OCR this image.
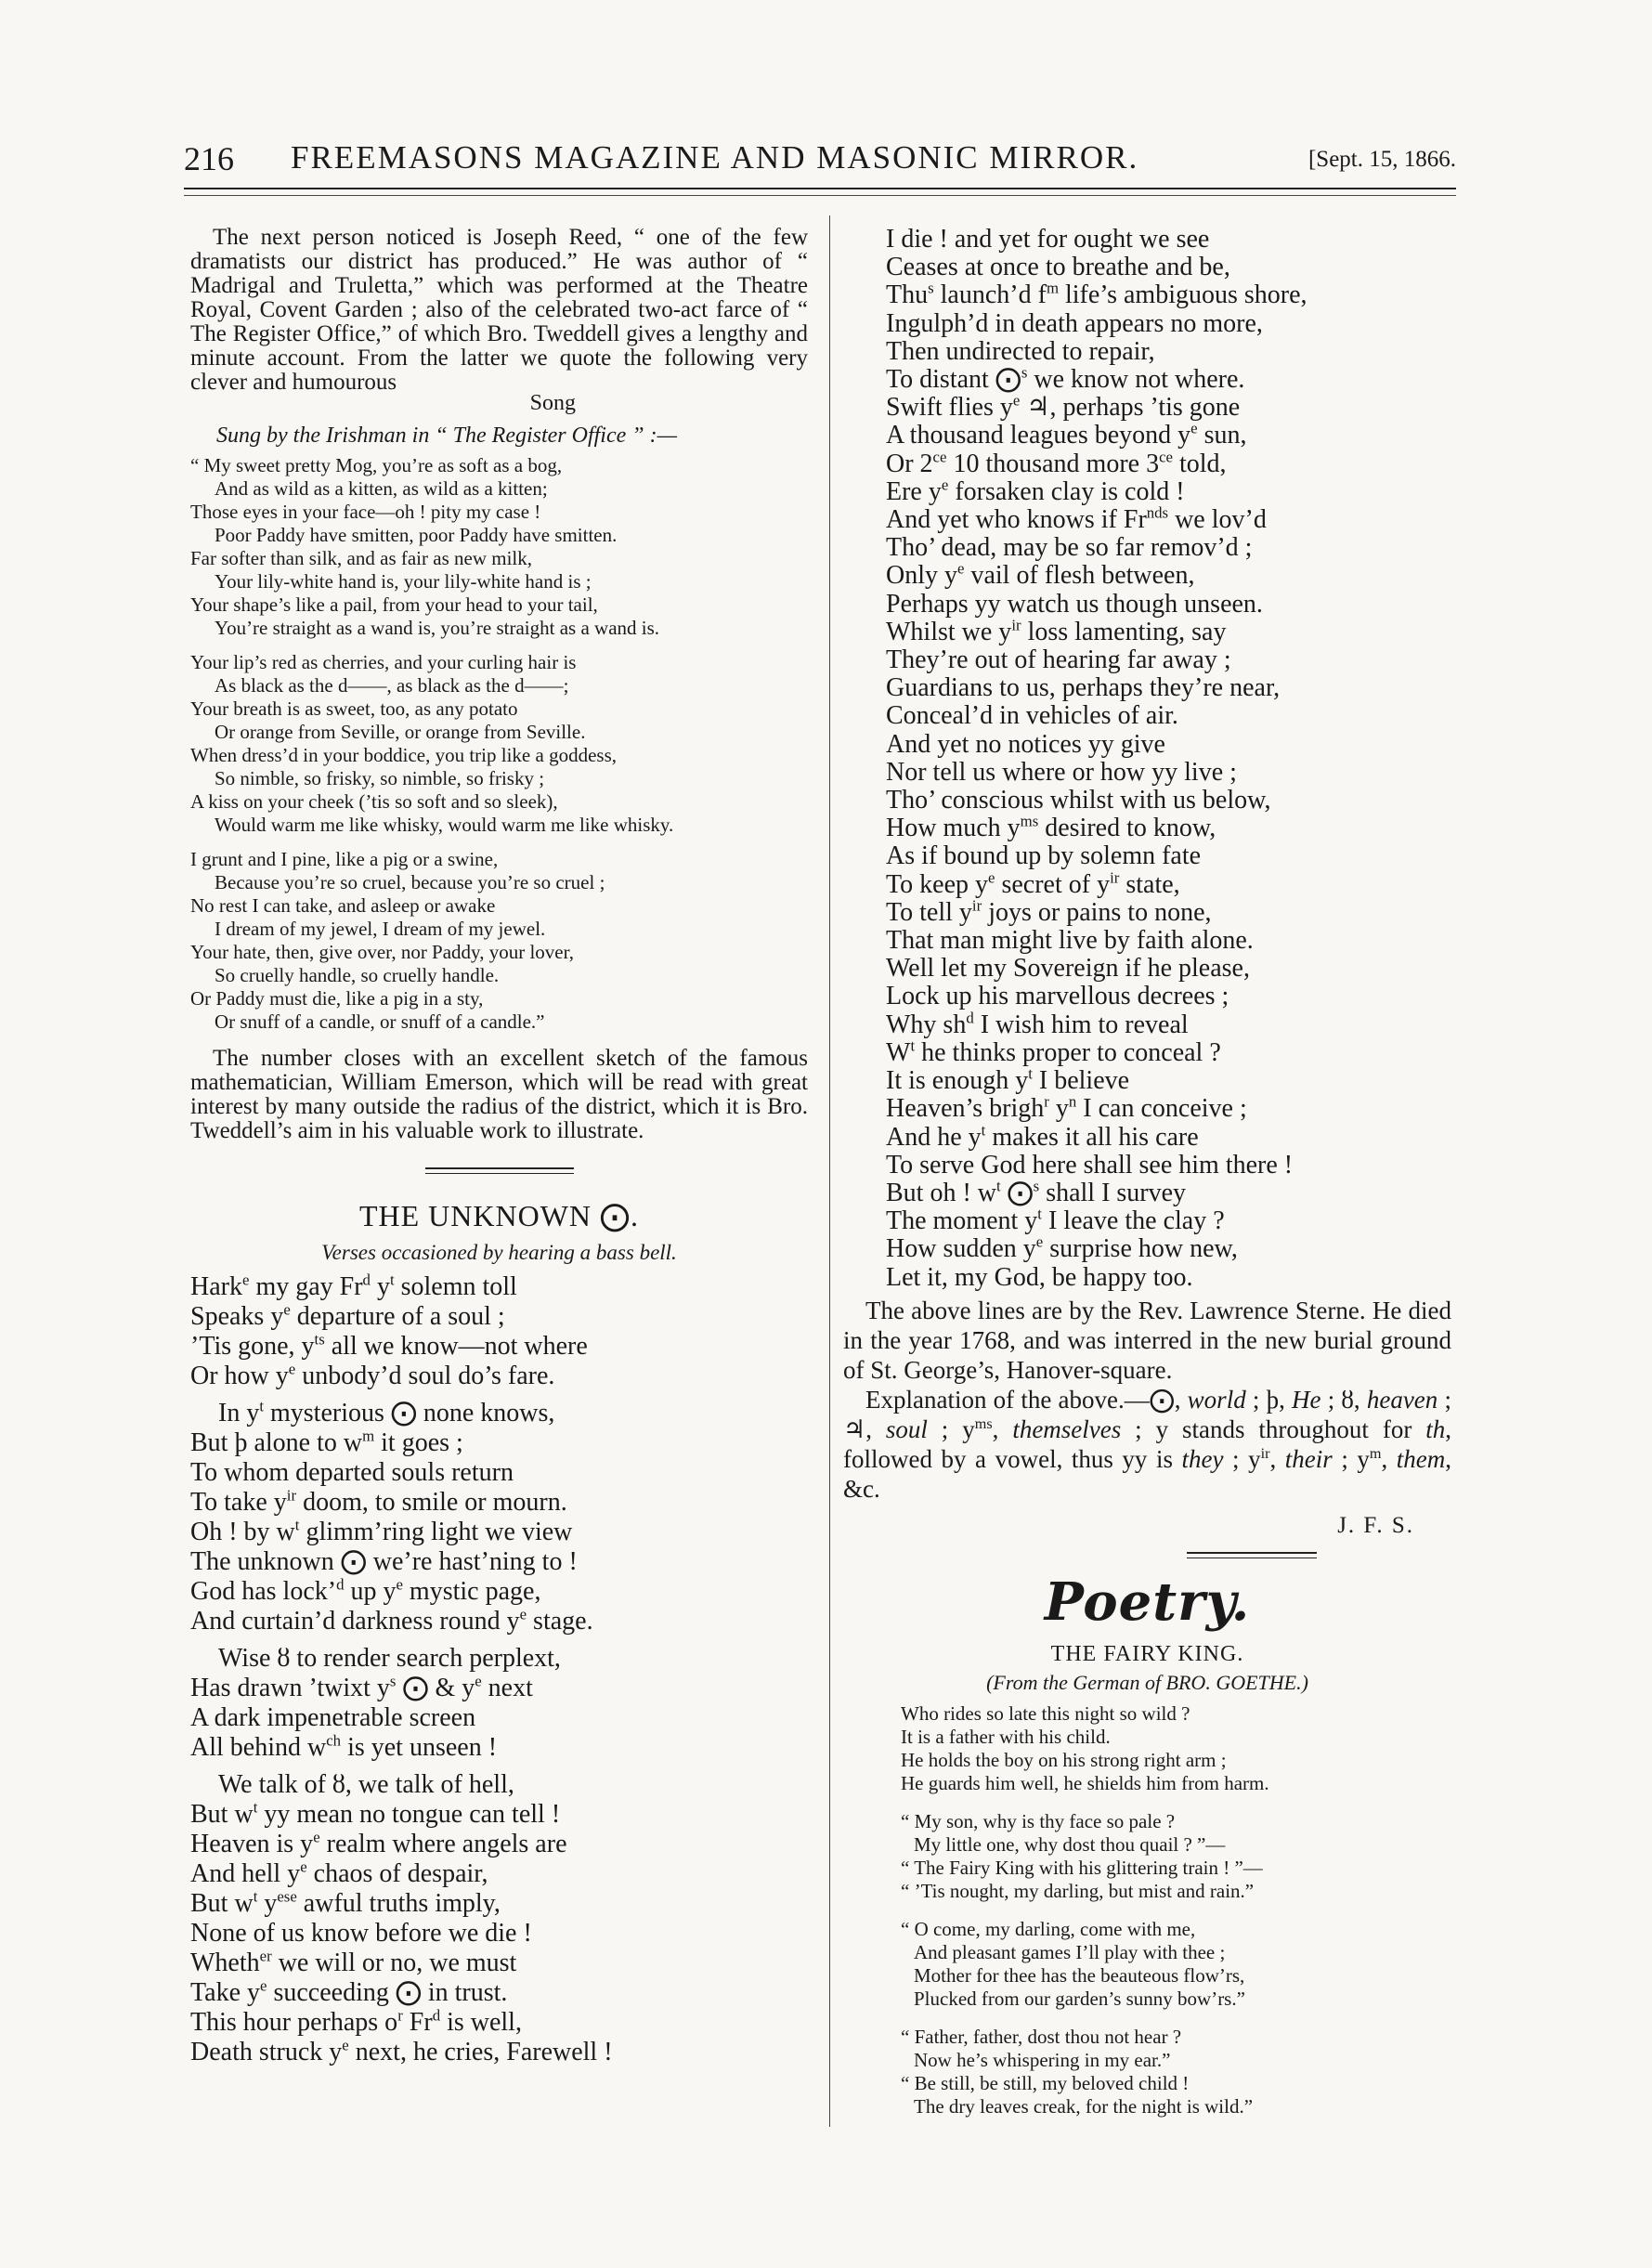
216 FREEMASONS MAGAZINE AND MASONIC MIRROR.	[Sept. 15, 1866.

The next person noticed is Joseph Reed, “ one of the few dramatists our district has produced.” He was author of “ Madrigal and Truletta,” which was performed at the Theatre Royal, Covent Garden ; also of the celebrated two-act farce of “ The Register Office,” of which Bro. Tweddell gives a lengthy and minute account. From the latter we quote the following very clever and humourous

Song
Sung by the Irishman in “ The Register Office ” :—
“ My sweet pretty Mog, you’re as soft as a bog,
And as wild as a kitten, as wild as a kitten;
Those eyes in your face—oh ! pity my case !
Poor Paddy have smitten, poor Paddy have smitten.
Far softer than silk, and as fair as new milk,
Your lily-white hand is, your lily-white hand is ;
Your shape’s like a pail, from your head to your tail,
You’re straight as a wand is, you’re straight as a wand is.
Your lip’s red as cherries, and your curling hair is
As black as the d——, as black as the d——;
Your breath is as sweet, too, as any potato
Or orange from Seville, or orange from Seville.
When dress’d in your boddice, you trip like a goddess,
So nimble, so frisky, so nimble, so frisky ;
A kiss on your cheek (’tis so soft and so sleek),
Would warm me like whisky, would warm me like whisky.
I grunt and I pine, like a pig or a swine,
Because you’re so cruel, because you’re so cruel ;
No rest I can take, and asleep or awake
I dream of my jewel, I dream of my jewel.
Your hate, then, give over, nor Paddy, your lover,
So cruelly handle, so cruelly handle.
Or Paddy must die, like a pig in a sty,
Or snuff of a candle, or snuff of a candle.”

The number closes with an excellent sketch of the famous mathematician, William Emerson, which will be read with great interest by many outside the radius of the district, which it is Bro. Tweddell’s aim in his valuable work to illustrate.

THE UNKNOWN ⨀.
Verses occasioned by hearing a bass bell.
Hark$^e$ my gay Fr$^d$ $y^t$ solemn toll
Speaks $y^e$ departure of a soul ;
’Tis gone, $y^{ts}$ all we know—not where
Or how $y^e$ unbody’d soul do’s fare.
In $y^t$ mysterious ⨀ none knows,
But ϸ alone to $w^m$ it goes ;
To whom departed souls return
To take $y^{ir}$ doom, to smile or mourn.
Oh ! by $w^t$ glimm’ring light we view
The unknown ⨀ we’re hast’ning to !
God has lock’$^d$ up $y^e$ mystic page,
And curtain’d darkness round $y^e$ stage.
Wise ȣ to render search perplext,
Has drawn ’twixt $y^s$ ⨀ & $y^e$ next
A dark impenetrable screen
All behind $w^{ch}$ is yet unseen !
We talk of ȣ, we talk of hell,
But $w^t$ yy mean no tongue can tell !
Heaven is $y^e$ realm where angels are
And hell $y^e$ chaos of despair,
But $w^t$ $y^{ese}$ awful truths imply,
None of us know before we die !
Wheth$^{er}$ we will or no, we must
Take $y^e$ succeeding ⨀ in trust.
This hour perhaps $o^r$ Fr$^d$ is well,
Death struck $y^e$ next, he cries, Farewell !
I die ! and yet for ought we see
Ceases at once to breathe and be,
Thu$^s$ launch’d $f^m$ life’s ambiguous shore,
Ingulph’d in death appears no more,
Then undirected to repair,
To distant ⨀$^s$ we know not where.
Swift flies $y^e$ ♃, perhaps ’tis gone
A thousand leagues beyond $y^e$ sun,
Or $2^{ce}$ 10 thousand more $3^{ce}$ told,
Ere $y^e$ forsaken clay is cold !
And yet who knows if $Fr^{nds}$ we lov’d
Tho’ dead, may be so far remov’d ;
Only $y^e$ vail of flesh between,
Perhaps yy watch us though unseen.
Whilst we $y^{ir}$ loss lamenting, say
They’re out of hearing far away ;
Guardians to us, perhaps they’re near,
Conceal’d in vehicles of air.
And yet no notices yy give
Nor tell us where or how yy live ;
Tho’ conscious whilst with us below,
How much $y^{ms}$ desired to know,
As if bound up by solemn fate
To keep $y^e$ secret of $y^{ir}$ state,
To tell $y^{ir}$ joys or pains to none,
That man might live by faith alone.
Well let my Sovereign if he please,
Lock up his marvellous decrees ;
Why $sh^d$ I wish him to reveal
$W^t$ he thinks proper to conceal ?
It is enough $y^t$ I believe
Heaven’s brigh$^r$ $y^n$ I can conceive ;
And he $y^t$ makes it all his care
To serve God here shall see him there !
But oh ! $w^t$ ⨀$^s$ shall I survey
The moment $y^t$ I leave the clay ?
How sudden $y^e$ surprise how new,
Let it, my God, be happy too.

The above lines are by the Rev. Lawrence Sterne. He died in the year 1768, and was interred in the new burial ground of St. George’s, Hanover-square.

Explanation of the above.—⨀, world ; ϸ, He ; ȣ, heaven ; ♃, soul ; $y^{ms}$, themselves ; y stands throughout for th, followed by a vowel, thus yy is they ; $y^{ir}$, their ; $y^m$, them, &c.

J. F. S.
Poetry.
THE FAIRY KING.
(From the German of BRO. GOETHE.)
Who rides so late this night so wild ?
It is a father with his child.
He holds the boy on his strong right arm ;
He guards him well, he shields him from harm.
“ My son, why is thy face so pale ?
My little one, why dost thou quail ? ”—
“ The Fairy King with his glittering train ! ”—
“ ’Tis nought, my darling, but mist and rain.”
“ O come, my darling, come with me,
And pleasant games I’ll play with thee ;
Mother for thee has the beauteous flow’rs,
Plucked from our garden’s sunny bow’rs.”
“ Father, father, dost thou not hear ?
Now he’s whispering in my ear.”
“ Be still, be still, my beloved child !
The dry leaves creak, for the night is wild.”
